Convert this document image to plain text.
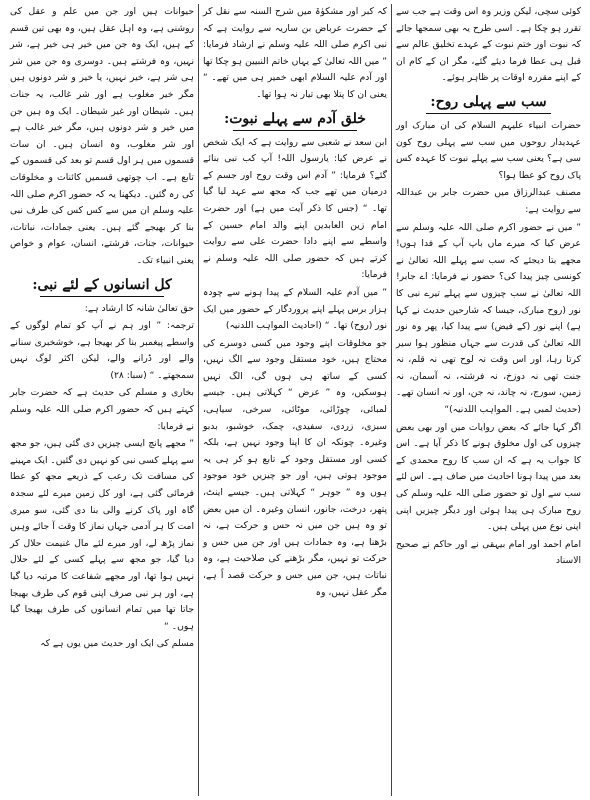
کوئی سچی، لیکن وزیر وہ اس وقت ہے جب سے تقرر ہو چکا ہے۔ اسی طرح یہ بھی سمجھا جائے کہ نبوت اور ختم نبوت کے عہدے تخلیق عالم سے قبل ہی عطا فرما دیئے گئے، مگر ان کے کام ان کے اپنے مقررہ اوقات پر ظاہر ہوئے۔

سب سے پہلی روح:

حضرات انبیاء علیہم السلام کی ان مبارک اور عہدیدار روحوں میں سب سے پہلی روح کون سی ہے؟ یعنی سب سے پہلے نبوت کا عہدہ کس پاک روح کو عطا ہوا؟

مصنف عبدالرزاق میں حضرت جابر بن عبداللہ سے روایت ہے:

” میں نے حضور اکرم صلی اللہ علیہ وسلم سے عرض کیا کہ میرے ماں باپ آپ کے فدا ہوں! مجھے بتا دیجئے کہ سب سے پہلے اللہ تعالیٰ نے کونسی چیز پیدا کی؟ حضور نے فرمایا: اے جابر! اللہ تعالیٰ نے سب چیزوں سے پہلے تیرے نبی کا نور (روح مبارک، جیسا کہ شارحین حدیث نے کہا ہے) اپنے نور (کے فیض) سے پیدا کیا، پھر وہ نور اللہ تعالیٰ کی قدرت سے جہاں منظور ہوا سیر کرتا رہا، اور اس وقت نہ لوح تھی نہ قلم، نہ جنت تھی نہ دوزخ، نہ فرشتہ، نہ آسمان، نہ زمین، سورج، نہ چاند، نہ جن، اور نہ انسان تھے۔ (حدیث لمبی ہے۔ المواہب اللدنیہ)“

اگر کہا جائے کہ بعض روایات میں اور بھی بعض چیزوں کی اول مخلوق ہونے کا ذکر آیا ہے۔ اس کا جواب یہ ہے کہ ان سب کا روح محمدی کے بعد میں پیدا ہونا احادیث میں صاف ہے۔ اس لئے سب سے اول تو حضور صلی اللہ علیہ وسلم کی روح مبارک ہی پیدا ہوئی اور دیگر چیزیں اپنی اپنی نوع میں پہلی ہیں۔

امام احمد اور امام بیہقی نے اور حاکم نے صحیح الاسناد

کہ کبر اور مشکوٰۃ میں شرح السنہ سے نقل کر کے حضرت عرباض بن ساریہ سے روایت ہے کہ نبی اکرم صلی اللہ علیہ وسلم نے ارشاد فرمایا: ” میں اللہ تعالیٰ کے یہاں خاتم النبیین ہو چکا تھا اور آدم علیہ السلام ابھی خمیر ہی میں تھے۔ “ یعنی ان کا پتلا بھی تیار نہ ہوا تھا۔

خلق آدم سے پہلے نبوت:

ابن سعد نے شعبی سے روایت ہے کہ ایک شخص نے عرض کیا: یارسول اللہ! آپ کب نبی بنائے گئے؟ فرمایا: ” آدم اس وقت روح اور جسم کے درمیان میں تھے جب کہ مجھ سے عہد لیا گیا تھا۔ “ (جس کا ذکر آیت میں ہے) اور حضرت امام زین العابدین اپنے والد امام حسین کے واسطے سے اپنے دادا حضرت علی سے روایت کرتے ہیں کہ حضور صلی اللہ علیہ وسلم نے فرمایا:

” میں آدم علیہ السلام کے پیدا ہونے سے چودہ ہزار برس پہلے اپنے پروردگار کے حضور میں ایک نور (روح) تھا۔ “ (احادیث المواہب اللدنیہ)

جو مخلوقات اپنے وجود میں کسی دوسرے کی محتاج ہیں، خود مستقل وجود سے الگ نہیں، کسی کے ساتھ ہی ہوں گی، الگ نہیں ہوسکیں، وہ ” عرض “ کہلاتی ہیں۔ جیسے لمبائی، چوڑائی، موٹائی، سرخی، سیاہی، سبزی، زردی، سفیدی، چمک، خوشبو، بدبو وغیرہ۔ چونکہ ان کا اپنا وجود نہیں ہے، بلکہ کسی اور مستقل وجود کے تابع ہو کر ہی یہ موجود ہوتی ہیں، اور جو چیزیں خود موجود ہوں وہ ” جوہر “ کہلاتی ہیں۔ جیسے اینٹ، پتھر، درخت، جانور، انسان وغیرہ۔ ان میں بعض تو وہ ہیں جن میں نہ حس و حرکت ہے، نہ بڑھنا ہے، وہ جمادات ہیں اور جن میں حس و حرکت تو نہیں، مگر بڑھنے کی صلاحیت ہے، وہ نباتات ہیں، جن میں حس و حرکت قصد اً ہے، مگر عقل نہیں، وہ

حیوانات ہیں اور جن میں علم و عقل کی روشنی ہے، وہ اہل عقل ہیں، وہ بھی تین قسم کے ہیں، ایک وہ جن میں خیر ہی خیر ہے، شر نہیں، وہ فرشتے ہیں۔ دوسری وہ جن میں شر ہی شر ہے، خیر نہیں، یا خیر و شر دونوں ہیں مگر خیر مغلوب ہے اور شر غالب، یہ جنات ہیں۔ شیطان اور غیر شیطان۔ ایک وہ ہیں جن میں خیر و شر دونوں ہیں، مگر خیر غالب ہے اور شر مغلوب، وہ انسان ہیں۔ ان سات قسموں میں ہر اول قسم تو بعد کی قسموں کے تابع ہے۔ اب چوتھی قسمیں کائنات و مخلوقات کی رہ گئیں۔ دیکھنا یہ کہ حضور اکرم صلی اللہ علیہ وسلم ان میں سے کس کس کی طرف نبی بنا کر بھیجے گئے ہیں۔ یعنی جمادات، نباتات، حیوانات، جنات، فرشتے، انسان، عوام و خواص یعنی انبیاء تک۔

کل انسانوں کے لئے نبی:

حق تعالیٰ شانہ کا ارشاد ہے:

ترجمہ: ” اور ہم نے آپ کو تمام لوگوں کے واسطے پیغمبر بنا کر بھیجا ہے، خوشخبری سنانے والے اور ڈرانے والے، لیکن اکثر لوگ نہیں سمجھتے۔ “ (سبا: ۲۸)

بخاری و مسلم کی حدیث ہے کہ حضرت جابر کہتے ہیں کہ حضور اکرم صلی اللہ علیہ وسلم نے فرمایا:

” مجھے پانچ ایسی چیزیں دی گئی ہیں، جو مجھ سے پہلے کسی نبی کو نہیں دی گئیں۔ ایک مہینے کی مسافت تک رعب کے ذریعے مجھ کو عطا فرمائی گئی ہے، اور کل زمین میرے لئے سجدہ گاہ اور پاک کرنے والی بنا دی گئی، سو میری امت کا ہر آدمی جہاں نماز کا وقت آ جائے وہیں نماز پڑھ لے، اور میرے لئے مال غنیمت حلال کر دیا گیا، جو مجھ سے پہلے کسی کے لئے حلال نہیں ہوا تھا، اور مجھے شفاعت کا مرتبہ دیا گیا ہے، اور ہر نبی صرف اپنی قوم کی طرف بھیجا جاتا تھا میں تمام انسانوں کی طرف بھیجا گیا ہوں۔ “

مسلم کی ایک اور حدیث میں یوں ہے کہ
